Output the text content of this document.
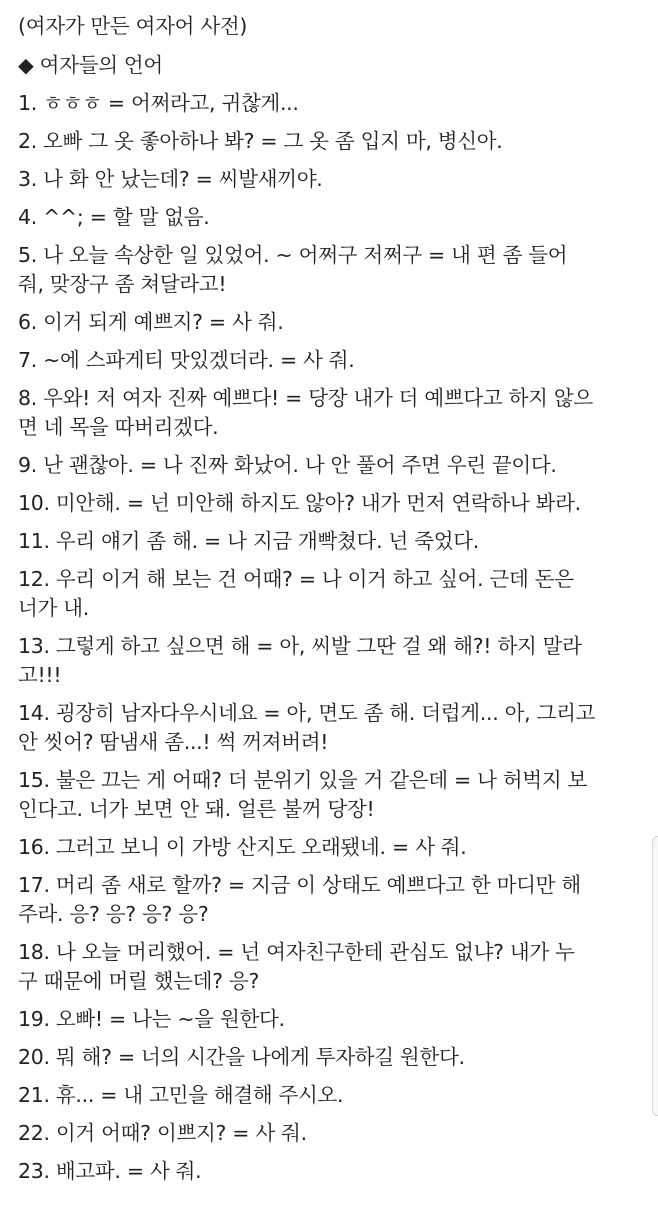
(여자가 만든 여자어 사전)

◆ 여자들의 언어

1. ㅎㅎㅎ = 어쩌라고, 귀찮게...

2. 오빠 그 옷 좋아하나 봐? = 그 옷 좀 입지 마, 병신아.

3. 나 화 안 났는데? = 씨발새끼야.

4. ^^; = 할 말 없음.

5. 나 오늘 속상한 일 있었어. ~ 어쩌구 저쩌구 = 내 편 좀 들어

줘, 맞장구 좀 쳐달라고!

6. 이거 되게 예쁘지? = 사 줘.

7. ~에 스파게티 맛있겠더라. = 사 줘.

8. 우와! 저 여자 진짜 예쁘다! = 당장 내가 더 예쁘다고 하지 않으

면 네 목을 따버리겠다.

9. 난 괜찮아. = 나 진짜 화났어. 나 안 풀어 주면 우린 끝이다.

10. 미안해. = 넌 미안해 하지도 않아? 내가 먼저 연락하나 봐라.

11. 우리 얘기 좀 해. = 나 지금 개빡쳤다. 넌 죽었다.

12. 우리 이거 해 보는 건 어때? = 나 이거 하고 싶어. 근데 돈은

너가 내.

13. 그렇게 하고 싶으면 해 = 아, 씨발 그딴 걸 왜 해?! 하지 말라

고!!!

14. 굉장히 남자다우시네요 = 아, 면도 좀 해. 더럽게... 아, 그리고

안 씻어? 땀냄새 좀...! 썩 꺼져버려!

15. 불은 끄는 게 어때? 더 분위기 있을 거 같은데 = 나 허벅지 보

인다고. 너가 보면 안 돼. 얼른 불꺼 당장!

16. 그러고 보니 이 가방 산지도 오래됐네. = 사 줘.

17. 머리 좀 새로 할까? = 지금 이 상태도 예쁘다고 한 마디만 해

주라. 응? 응? 응? 응?

18. 나 오늘 머리했어. = 넌 여자친구한테 관심도 없냐? 내가 누

구 때문에 머릴 했는데? 응?

19. 오빠! = 나는 ~을 원한다.

20. 뭐 해? = 너의 시간을 나에게 투자하길 원한다.

21. 휴... = 내 고민을 해결해 주시오.

22. 이거 어때? 이쁘지? = 사 줘.

23. 배고파. = 사 줘.
